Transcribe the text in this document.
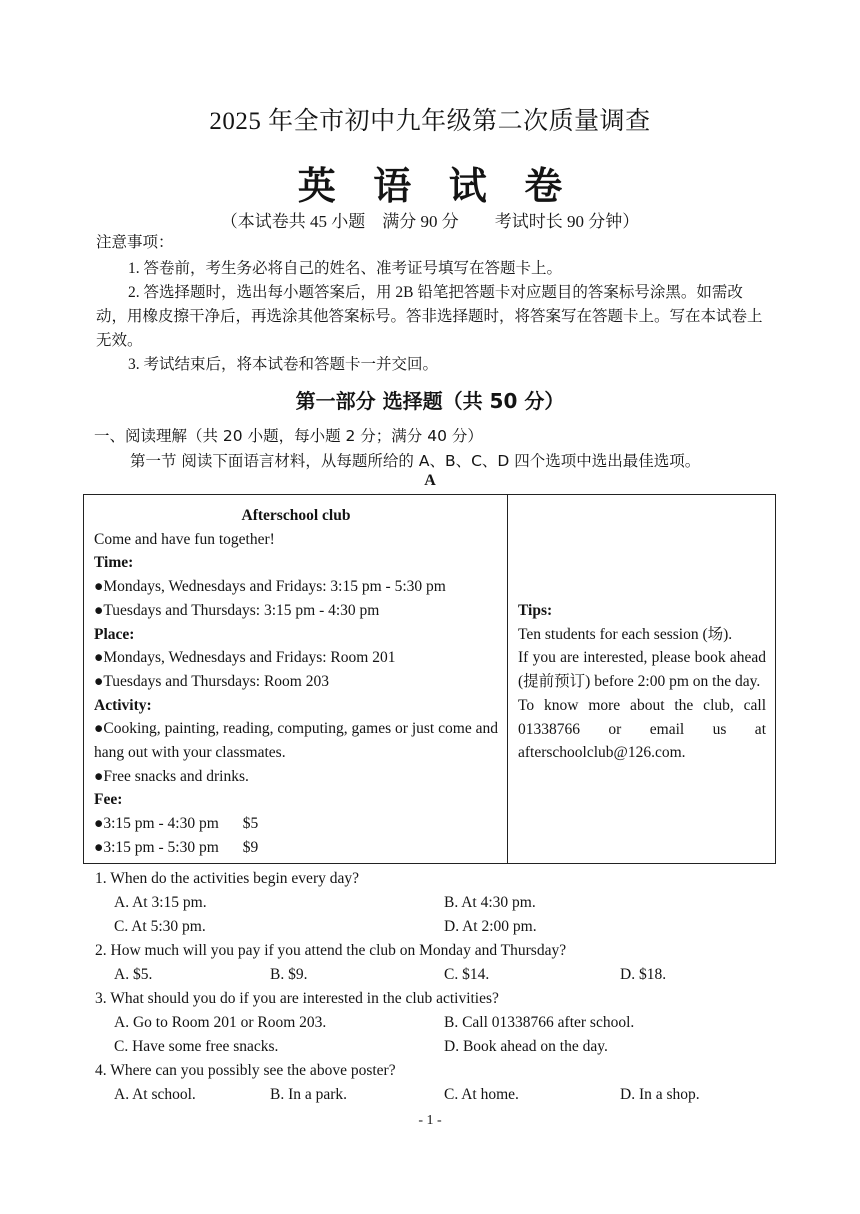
2025 年全市初中九年级第二次质量调查
英 语 试 卷
（本试卷共 45 小题　满分 90 分 考试时长 90 分钟）
注意事项：
1. 答卷前，考生务必将自己的姓名、准考证号填写在答题卡上。
2. 答选择题时，选出每小题答案后，用 2B 铅笔把答题卡对应题目的答案标号涂黑。如需改动，用橡皮擦干净后，再选涂其他答案标号。答非选择题时，将答案写在答题卡上。写在本试卷上无效。
3. 考试结束后，将本试卷和答题卡一并交回。
第一部分 选择题（共 50 分）
一、阅读理解（共 20 小题，每小题 2 分；满分 40 分）
第一节 阅读下面语言材料，从每题所给的 A、B、C、D 四个选项中选出最佳选项。
A
Afterschool club
Come and have fun together!
Time:
●Mondays, Wednesdays and Fridays: 3:15 pm - 5:30 pm
●Tuesdays and Thursdays: 3:15 pm - 4:30 pm
Place:
●Mondays, Wednesdays and Fridays: Room 201
●Tuesdays and Thursdays: Room 203
Activity:
●Cooking, painting, reading, computing, games or just come and hang out with your classmates.
●Free snacks and drinks.
Fee:
●3:15 pm - 4:30 pm $5
●3:15 pm - 5:30 pm $9
Tips:
Ten students for each session (场).
If you are interested, please book ahead (提前预订) before 2:00 pm on the day.
To know more about the club, call 01338766 or email us at afterschoolclub@126.com.
1. When do the activities begin every day?
A. At 3:15 pm.	B. At 4:30 pm.
C. At 5:30 pm.	D. At 2:00 pm.
2. How much will you pay if you attend the club on Monday and Thursday?
A. $5.	B. $9.	C. $14.	D. $18.
3. What should you do if you are interested in the club activities?
A. Go to Room 201 or Room 203.	B. Call 01338766 after school.
C. Have some free snacks.	D. Book ahead on the day.
4. Where can you possibly see the above poster?
A. At school.	B. In a park.	C. At home.	D. In a shop.
- 1 -
